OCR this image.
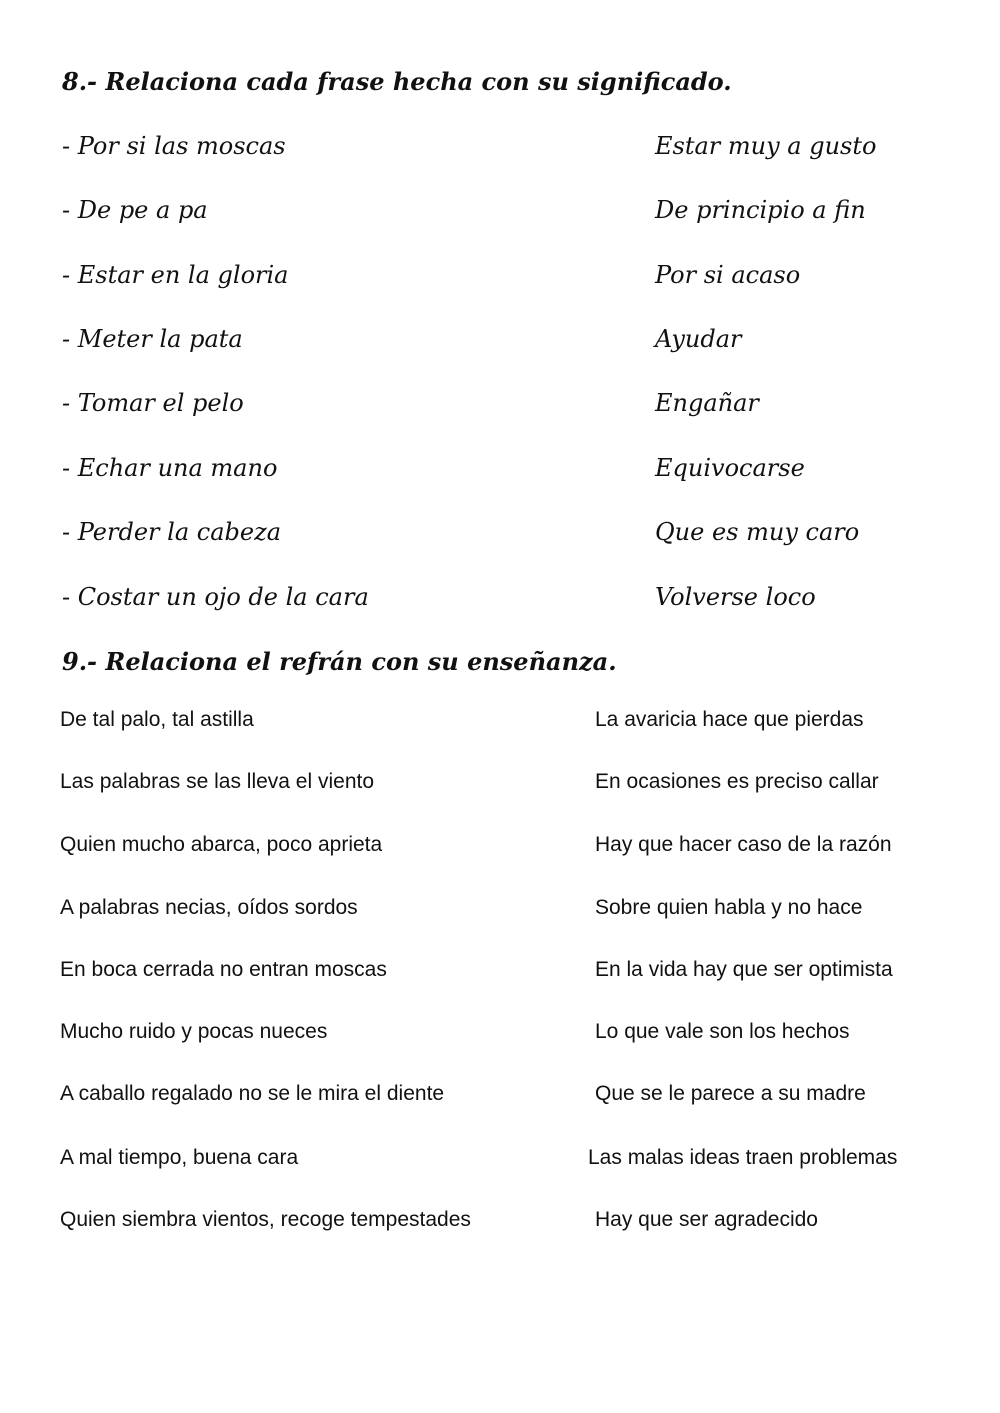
8.- Relaciona cada frase hecha con su significado.
- Por si las moscas	Estar muy a gusto
- De pe a pa	De principio a fin
- Estar en la gloria	Por si acaso
- Meter la pata	Ayudar
- Tomar el pelo	Engañar
- Echar una mano	Equivocarse
- Perder la cabeza	Que es muy caro
- Costar un ojo de la cara	Volverse loco
9.- Relaciona el refrán con su enseñanza.
De tal palo, tal astilla	La avaricia hace que pierdas
Las palabras se las lleva el viento	En ocasiones es preciso callar
Quien mucho abarca, poco aprieta	Hay que hacer caso de la razón
A palabras necias, oídos sordos	Sobre quien habla y no hace
En boca cerrada no entran moscas	En la vida hay que ser optimista
Mucho ruido y pocas nueces	Lo que vale son los hechos
A caballo regalado no se le mira el diente	Que se le parece a su madre
A mal tiempo, buena cara	Las malas ideas traen problemas
Quien siembra vientos, recoge tempestades	Hay que ser agradecido
